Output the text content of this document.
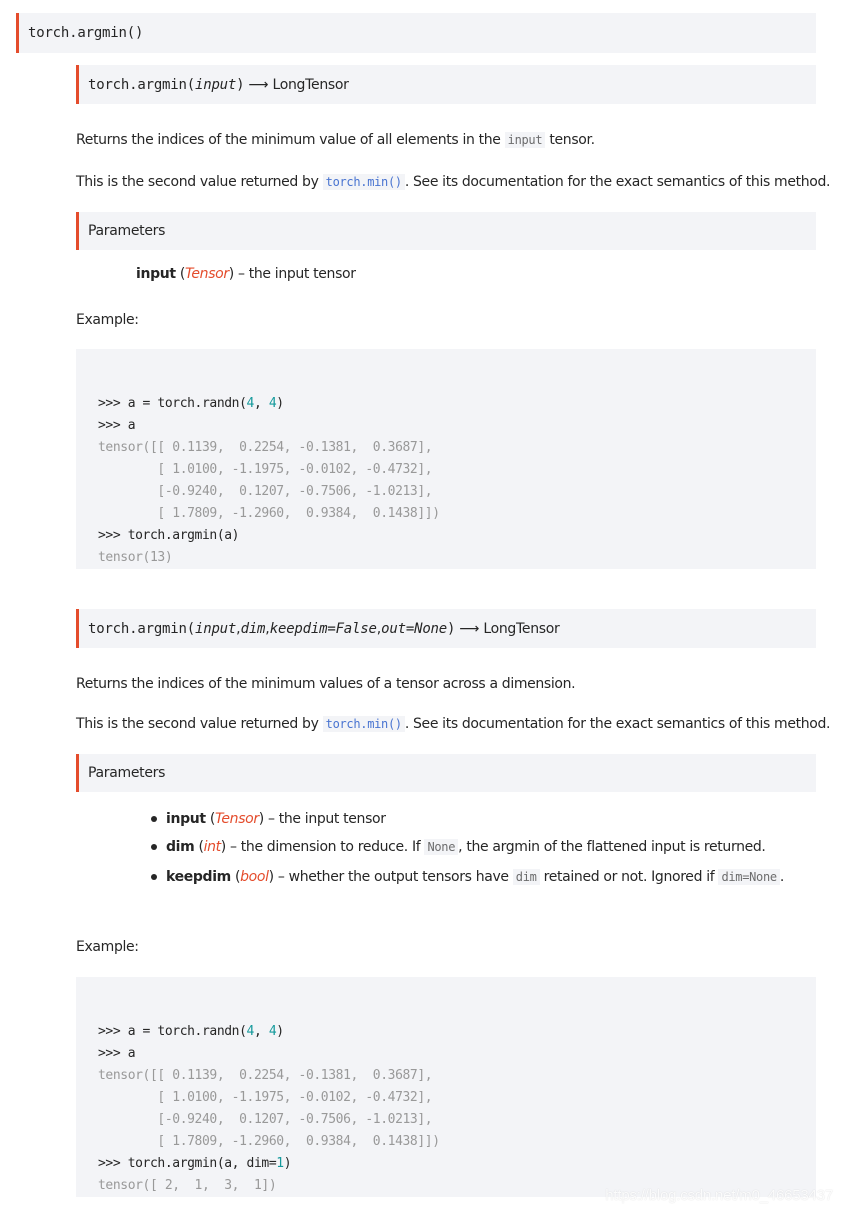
torch.argmin()
torch.argmin( input ) ⟶ LongTensor
Returns the indices of the minimum value of all elements in the input tensor.
This is the second value returned by torch.min() . See its documentation for the exact semantics of this method.
Parameters
input (Tensor) – the input tensor
Example:

>>> a = torch.randn(4, 4)
>>> a
tensor([[ 0.1139,  0.2254, -0.1381,  0.3687],
[ 1.0100, -1.1975, -0.0102, -0.4732],
[-0.9240,  0.1207, -0.7506, -1.0213],
[ 1.7809, -1.2960,  0.9384,  0.1438]])
>>> torch.argmin(a)
tensor(13)

torch.argmin( input , dim , keepdim=False , out=None ) ⟶ LongTensor
Returns the indices of the minimum values of a tensor across a dimension.
This is the second value returned by torch.min() . See its documentation for the exact semantics of this method.
Parameters
input (Tensor) – the input tensor
dim (int) – the dimension to reduce. If None , the argmin of the flattened input is returned.
keepdim (bool) – whether the output tensors have dim retained or not. Ignored if dim=None .
Example:

>>> a = torch.randn(4, 4)
>>> a
tensor([[ 0.1139,  0.2254, -0.1381,  0.3687],
[ 1.0100, -1.1975, -0.0102, -0.4732],
[-0.9240,  0.1207, -0.7506, -1.0213],
[ 1.7809, -1.2960,  0.9384,  0.1438]])
>>> torch.argmin(a, dim=1)
tensor([ 2,  1,  3,  1])

https://blog.csdn.net/m0_46653437
